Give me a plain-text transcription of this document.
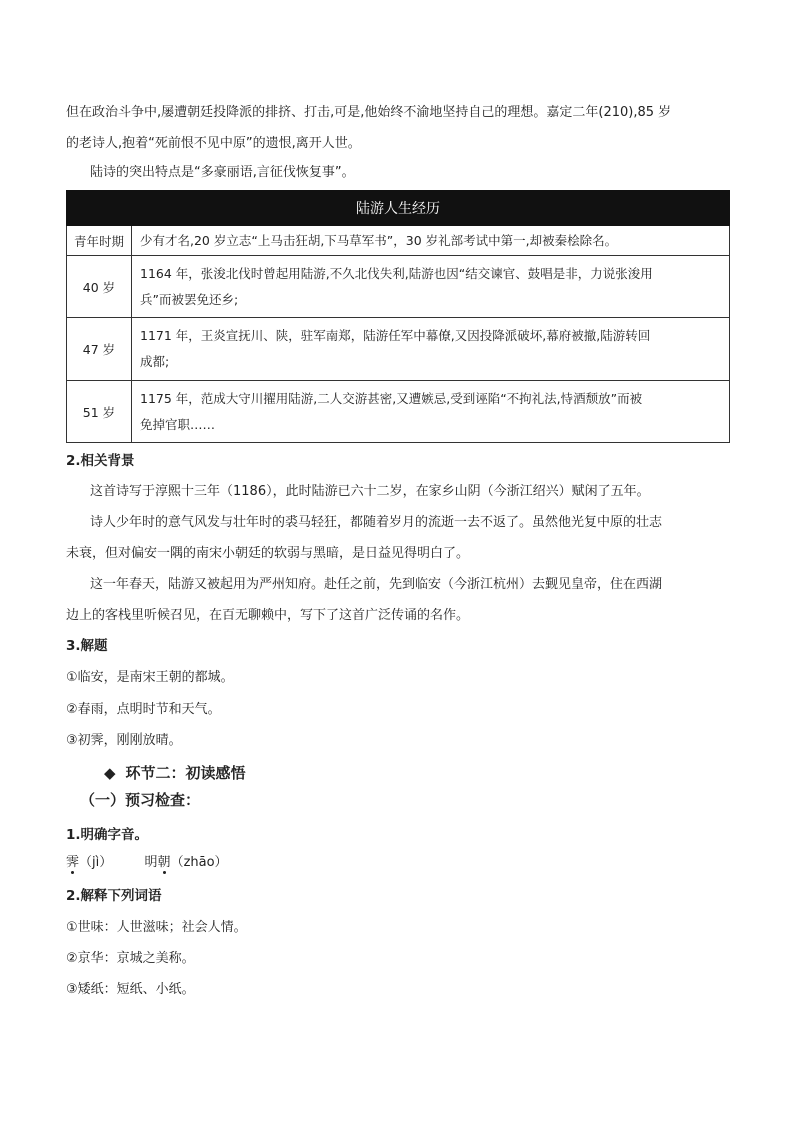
但在政治斗争中,屡遭朝廷投降派的排挤、打击,可是,他始终不渝地坚持自己的理想。嘉定二年(210),85 岁
的老诗人,抱着“死前恨不见中原”的遗恨,离开人世。
陆诗的突出特点是“多豪丽语,言征伐恢复事”。
陆游人生经历	
青年时期	少有才名,20 岁立志“上马击狂胡,下马草军书”，30 岁礼部考试中第一,却被秦桧除名。
40 岁	1164 年，张浚北伐时曾起用陆游,不久北伐失利,陆游也因“结交谏官、鼓唱是非，力说张浚用
兵”而被罢免还乡;

47 岁	1171 年，王炎宣抚川、陕，驻军南郑，陆游任军中幕僚,又因投降派破坏,幕府被撤,陆游转回
成都;

51 岁	1175 年，范成大守川擢用陆游,二人交游甚密,又遭嫉忌,受到诬陷“不拘礼法,恃酒颓放”而被
免掉官职……
2.相关背景
这首诗写于淳熙十三年（1186），此时陆游已六十二岁，在家乡山阴（今浙江绍兴）赋闲了五年。
诗人少年时的意气风发与壮年时的裘马轻狂，都随着岁月的流逝一去不返了。虽然他光复中原的壮志
未衰，但对偏安一隅的南宋小朝廷的软弱与黑暗，是日益见得明白了。
这一年春天，陆游又被起用为严州知府。赴任之前，先到临安（今浙江杭州）去觐见皇帝，住在西湖
边上的客栈里听候召见，在百无聊赖中，写下了这首广泛传诵的名作。
3.解题
①临安，是南宋王朝的都城。
②春雨，点明时节和天气。
③初霁，刚刚放晴。
◆ 环节二：初读感悟
（一）预习检查：
1.明确字音。
霁（jì） 明朝（zhāo）
2.解释下列词语
①世味：人世滋味；社会人情。
②京华：京城之美称。
③矮纸：短纸、小纸。
